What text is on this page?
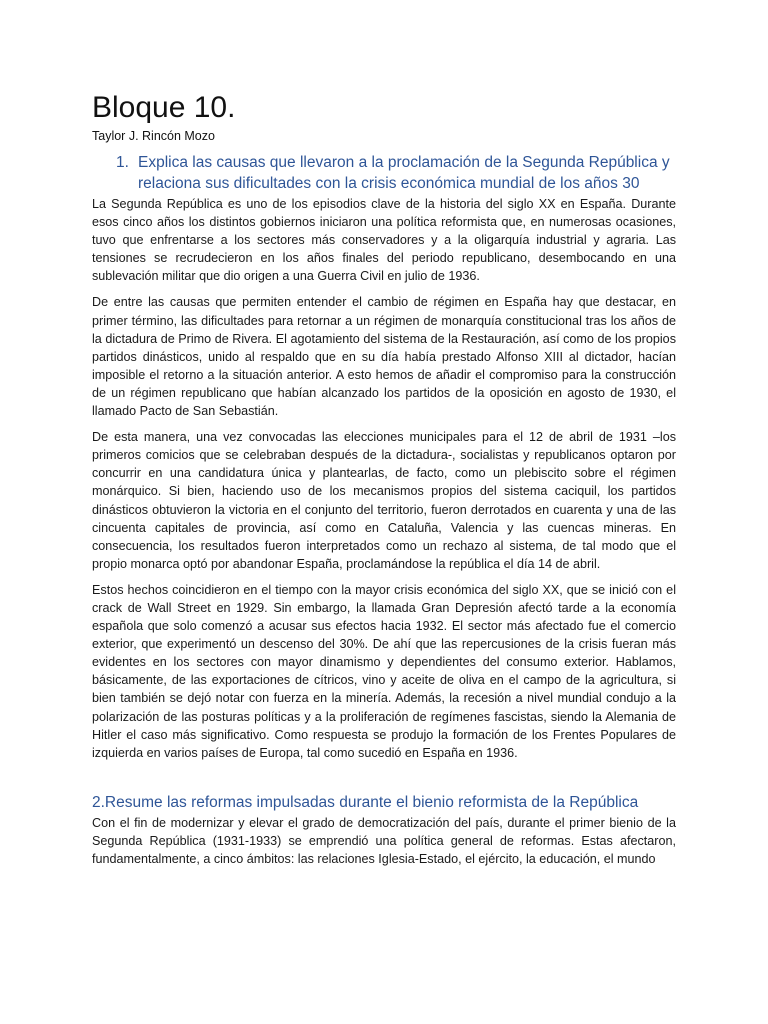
Bloque 10.

Taylor J. Rincón Mozo

1. Explica las causas que llevaron a la proclamación de la Segunda República y relaciona sus dificultades con la crisis económica mundial de los años 30

La Segunda República es uno de los episodios clave de la historia del siglo XX en España. Durante esos cinco años los distintos gobiernos iniciaron una política reformista que, en numerosas ocasiones, tuvo que enfrentarse a los sectores más conservadores y a la oligarquía industrial y agraria. Las tensiones se recrudecieron en los años finales del periodo republicano, desembocando en una sublevación militar que dio origen a una Guerra Civil en julio de 1936.

De entre las causas que permiten entender el cambio de régimen en España hay que destacar, en primer término, las dificultades para retornar a un régimen de monarquía constitucional tras los años de la dictadura de Primo de Rivera. El agotamiento del sistema de la Restauración, así como de los propios partidos dinásticos, unido al respaldo que en su día había prestado Alfonso XIII al dictador, hacían imposible el retorno a la situación anterior. A esto hemos de añadir el compromiso para la construcción de un régimen republicano que habían alcanzado los partidos de la oposición en agosto de 1930, el llamado Pacto de San Sebastián.

De esta manera, una vez convocadas las elecciones municipales para el 12 de abril de 1931 –los primeros comicios que se celebraban después de la dictadura-, socialistas y republicanos optaron por concurrir en una candidatura única y plantearlas, de facto, como un plebiscito sobre el régimen monárquico. Si bien, haciendo uso de los mecanismos propios del sistema caciquil, los partidos dinásticos obtuvieron la victoria en el conjunto del territorio, fueron derrotados en cuarenta y una de las cincuenta capitales de provincia, así como en Cataluña, Valencia y las cuencas mineras. En consecuencia, los resultados fueron interpretados como un rechazo al sistema, de tal modo que el propio monarca optó por abandonar España, proclamándose la república el día 14 de abril.

Estos hechos coincidieron en el tiempo con la mayor crisis económica del siglo XX, que se inició con el crack de Wall Street en 1929. Sin embargo, la llamada Gran Depresión afectó tarde a la economía española que solo comenzó a acusar sus efectos hacia 1932. El sector más afectado fue el comercio exterior, que experimentó un descenso del 30%. De ahí que las repercusiones de la crisis fueran más evidentes en los sectores con mayor dinamismo y dependientes del consumo exterior. Hablamos, básicamente, de las exportaciones de cítricos, vino y aceite de oliva en el campo de la agricultura, si bien también se dejó notar con fuerza en la minería. Además, la recesión a nivel mundial condujo a la polarización de las posturas políticas y a la proliferación de regímenes fascistas, siendo la Alemania de Hitler el caso más significativo. Como respuesta se produjo la formación de los Frentes Populares de izquierda en varios países de Europa, tal como sucedió en España en 1936.

2.Resume las reformas impulsadas durante el bienio reformista de la República

Con el fin de modernizar y elevar el grado de democratización del país, durante el primer bienio de la Segunda República (1931-1933) se emprendió una política general de reformas. Estas afectaron, fundamentalmente, a cinco ámbitos: las relaciones Iglesia-Estado, el ejército, la educación, el mundo
